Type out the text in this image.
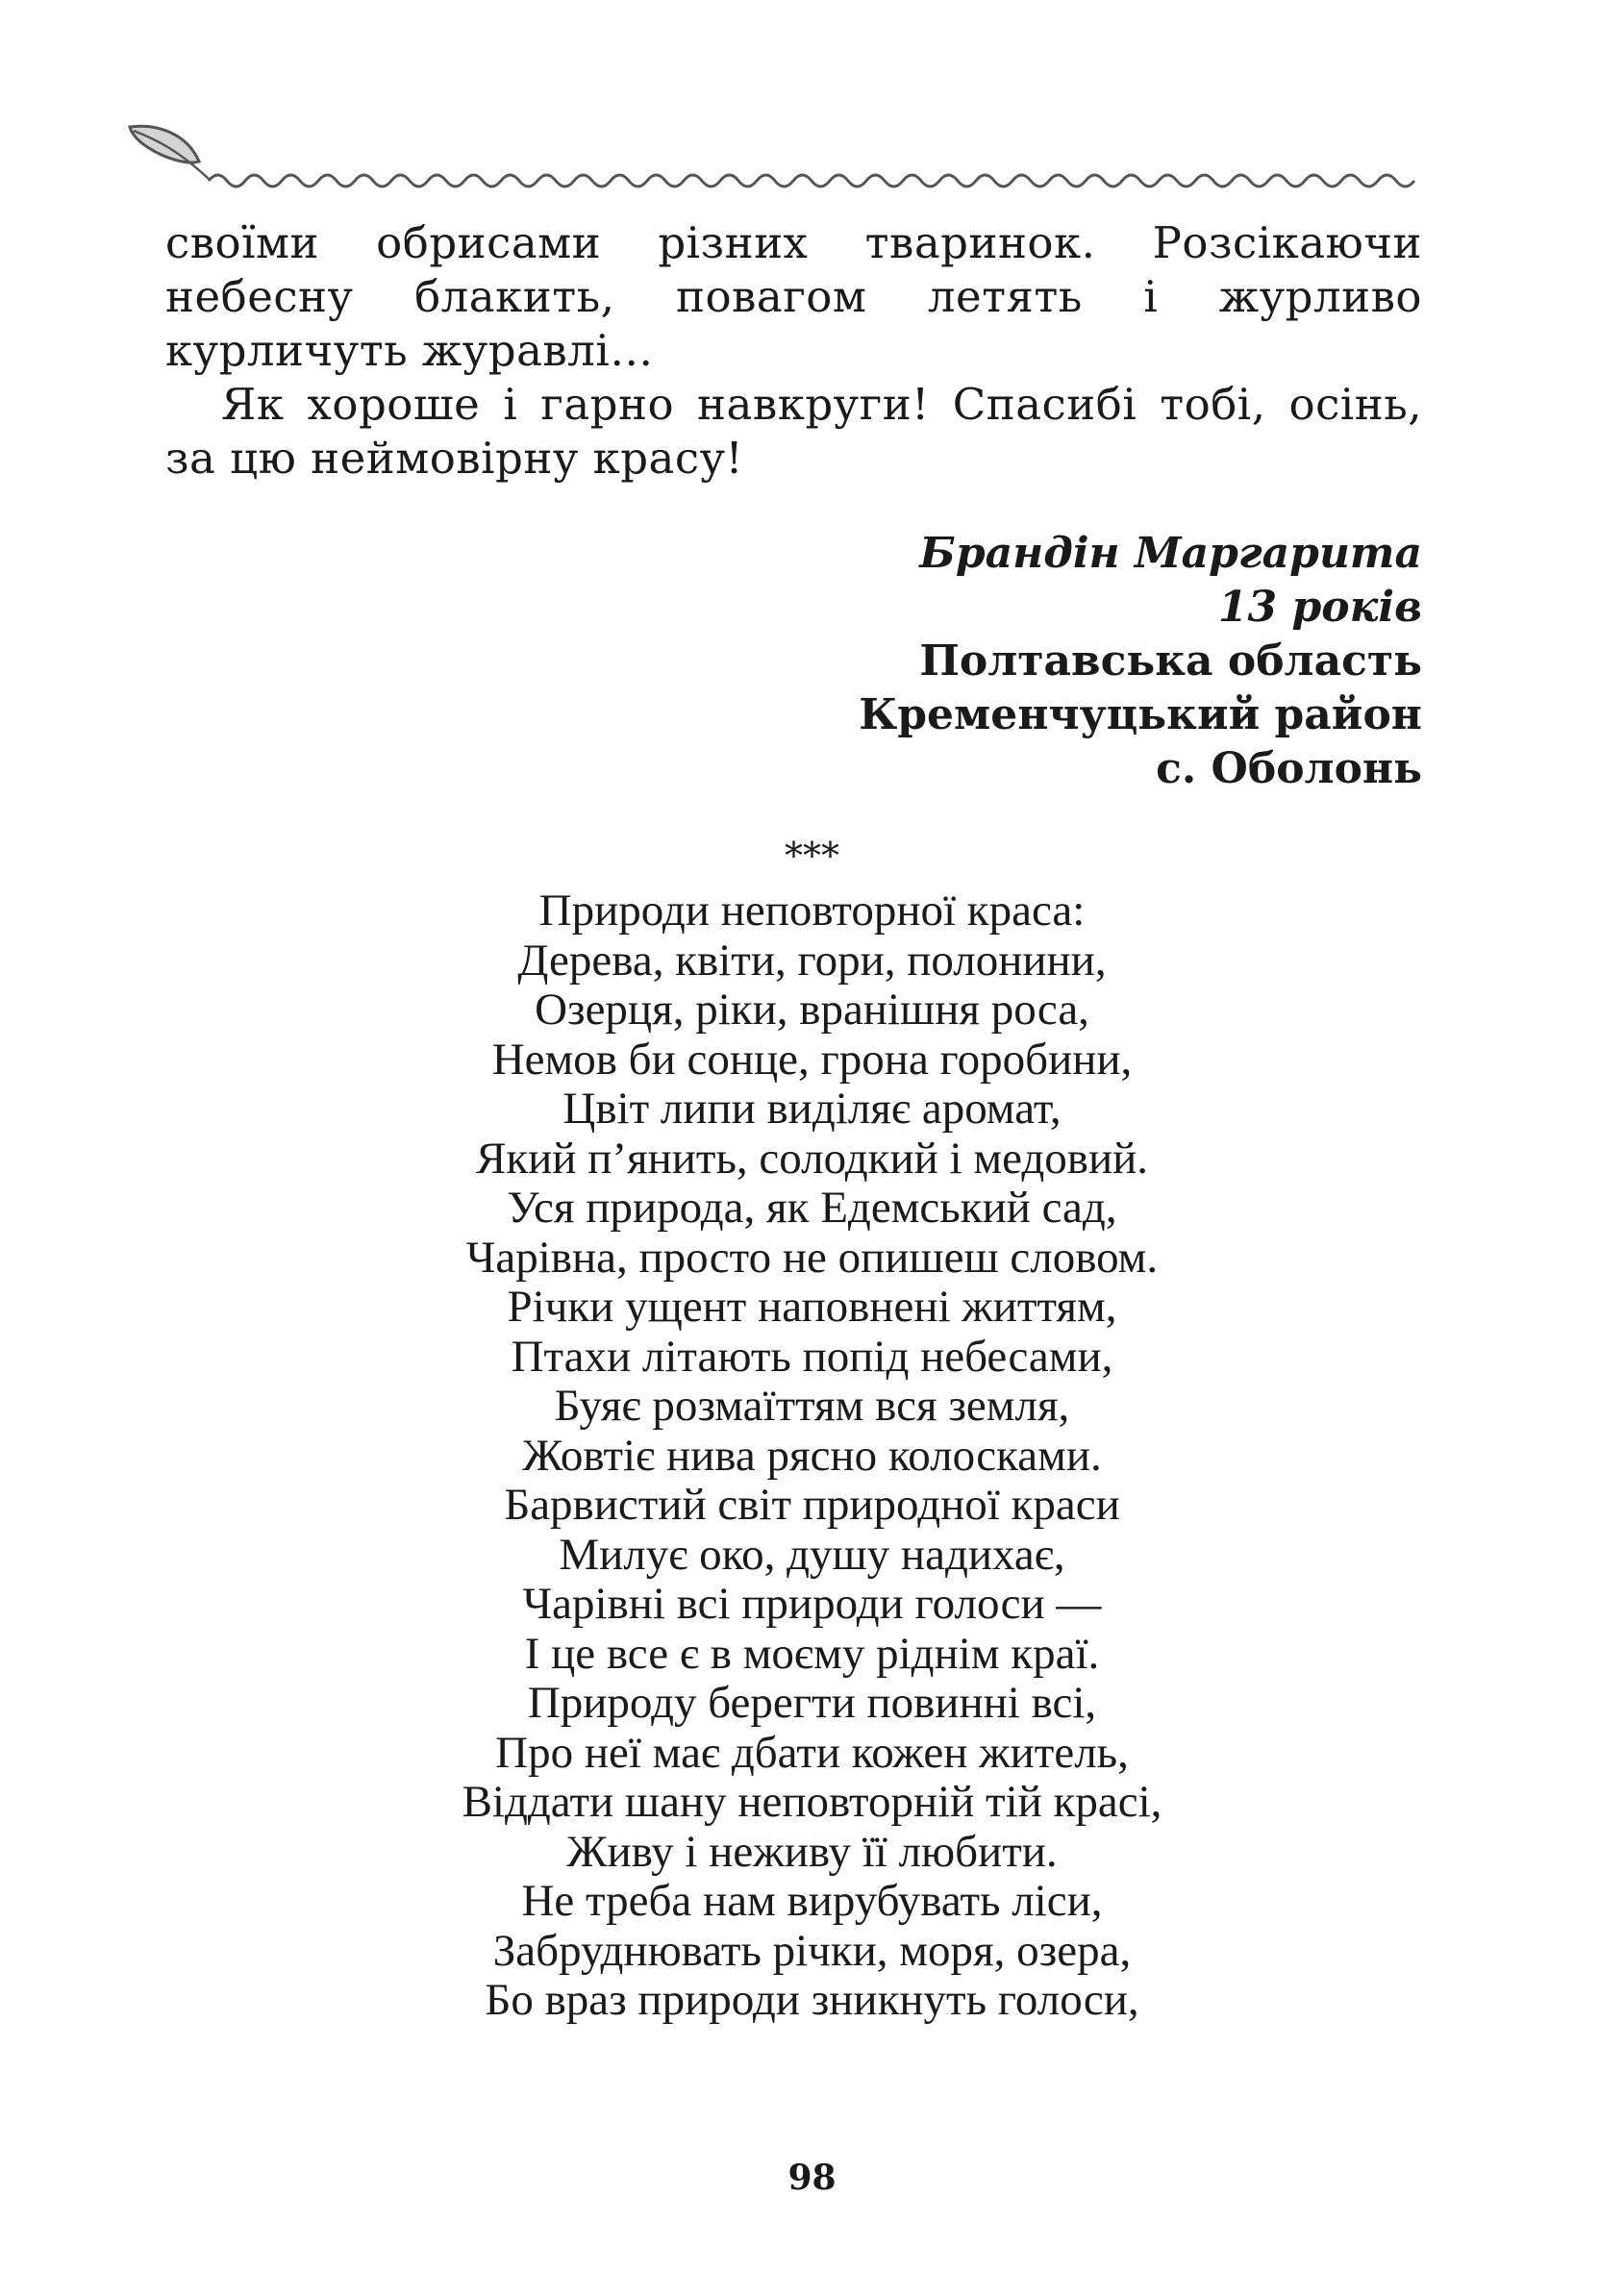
своїми обрисами різних тваринок. Розсікаючи небесну блакить, повагом летять і журливо курличуть журавлі…

Як хороше і гарно навкруги! Спасибі тобі, осінь, за цю неймовірну красу!

Брандін Маргарита
13 років
Полтавська область
Кременчуцький район
с. Оболонь
***
Природи неповторної краса:
Дерева, квіти, гори, полонини,
Озерця, ріки, вранішня роса,
Немов би сонце, грона горобини,
Цвіт липи виділяє аромат,
Який п’янить, солодкий і медовий.
Уся природа, як Едемський сад,
Чарівна, просто не опишеш словом.
Річки ущент наповнені життям,
Птахи літають попід небесами,
Буяє розмаїттям вся земля,
Жовтіє нива рясно колосками.
Барвистий світ природної краси
Милує око, душу надихає,
Чарівні всі природи голоси —
І це все є в моєму ріднім краї.
Природу берегти повинні всі,
Про неї має дбати кожен житель,
Віддати шану неповторній тій красі,
Живу і неживу її любити.
Не треба нам вирубувать ліси,
Забруднювать річки, моря, озера,
Бо враз природи зникнуть голоси,
98
